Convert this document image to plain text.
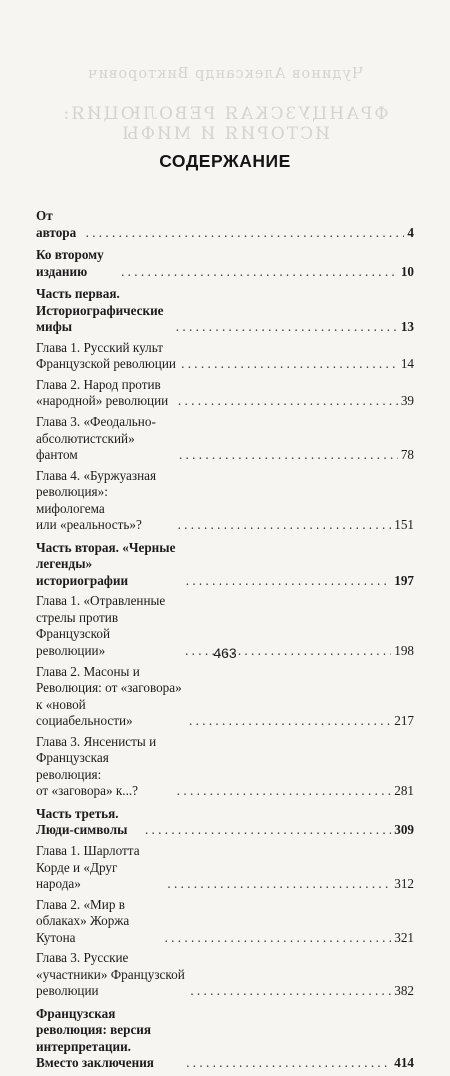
Чудинов Александр Викторович
ФРАНЦУЗСКАЯ РЕВОЛЮЦИЯ:
ИСТОРИЯ И МИФЫ
СОДЕРЖАНИЕ
От автора . . .	4
Ко второму изданию . . .	10
Часть первая. Историографические мифы . . .	13
Глава 1. Русский культ Французской революции . . .	14
Глава 2. Народ против «народной» революции . . .	39
Глава 3. «Феодально-абсолютистский» фантом . . .	78
Глава 4. «Буржуазная революция»: мифологема
или «реальность»? . . .	151
Часть вторая. «Черные легенды» историографии . . .	197
Глава 1. «Отравленные стрелы против Французской
революции» . . .	198
Глава 2. Масоны и Революция: от «заговора» к «новой
социабельности» . . .	217
Глава 3. Янсенисты и Французская революция:
от «заговора» к...? . . .	281
Часть третья. Люди-символы . . .	309
Глава 1. Шарлотта Корде и «Друг народа» . . .	312
Глава 2. «Мир в облаках» Жоржа Кутона . . .	321
Глава 3. Русские «участники» Французской революции . . .	382
Французская революция: версия интерпретации.
Вместо заключения . . .	414
463
